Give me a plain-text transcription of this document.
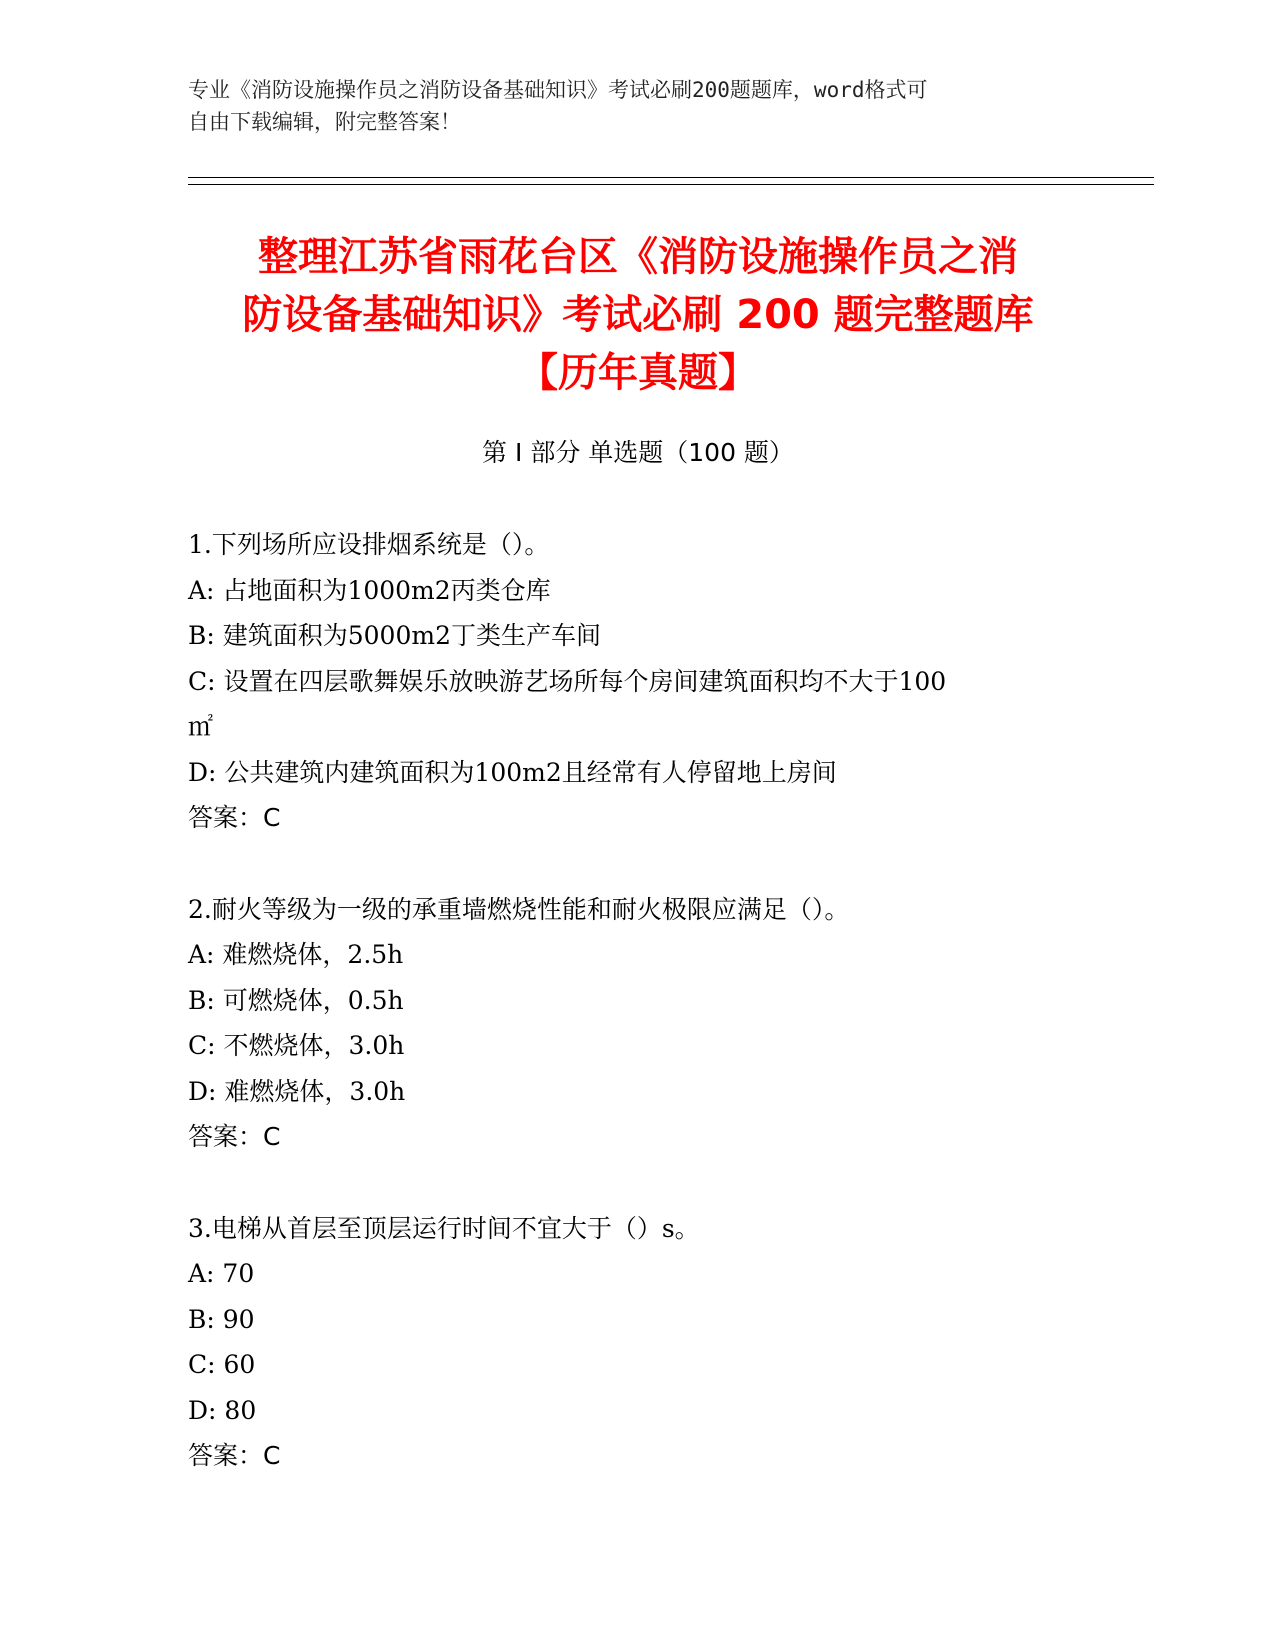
专业《消防设施操作员之消防设备基础知识》考试必刷200题题库，word格式可
自由下载编辑，附完整答案！
整理江苏省雨花台区《消防设施操作员之消
防设备基础知识》考试必刷 200 题完整题库
【历年真题】
第 I 部分 单选题（100 题）
1.下列场所应设排烟系统是（）。
A: 占地面积为1000m2丙类仓库
B: 建筑面积为5000m2丁类生产车间
C: 设置在四层歌舞娱乐放映游艺场所每个房间建筑面积均不大于100
㎡
D: 公共建筑内建筑面积为100m2且经常有人停留地上房间
答案：C
2.耐火等级为一级的承重墙燃烧性能和耐火极限应满足（）。
A: 难燃烧体，2.5h
B: 可燃烧体，0.5h
C: 不燃烧体，3.0h
D: 难燃烧体，3.0h
答案：C
3.电梯从首层至顶层运行时间不宜大于（）s。
A: 70
B: 90
C: 60
D: 80
答案：C
